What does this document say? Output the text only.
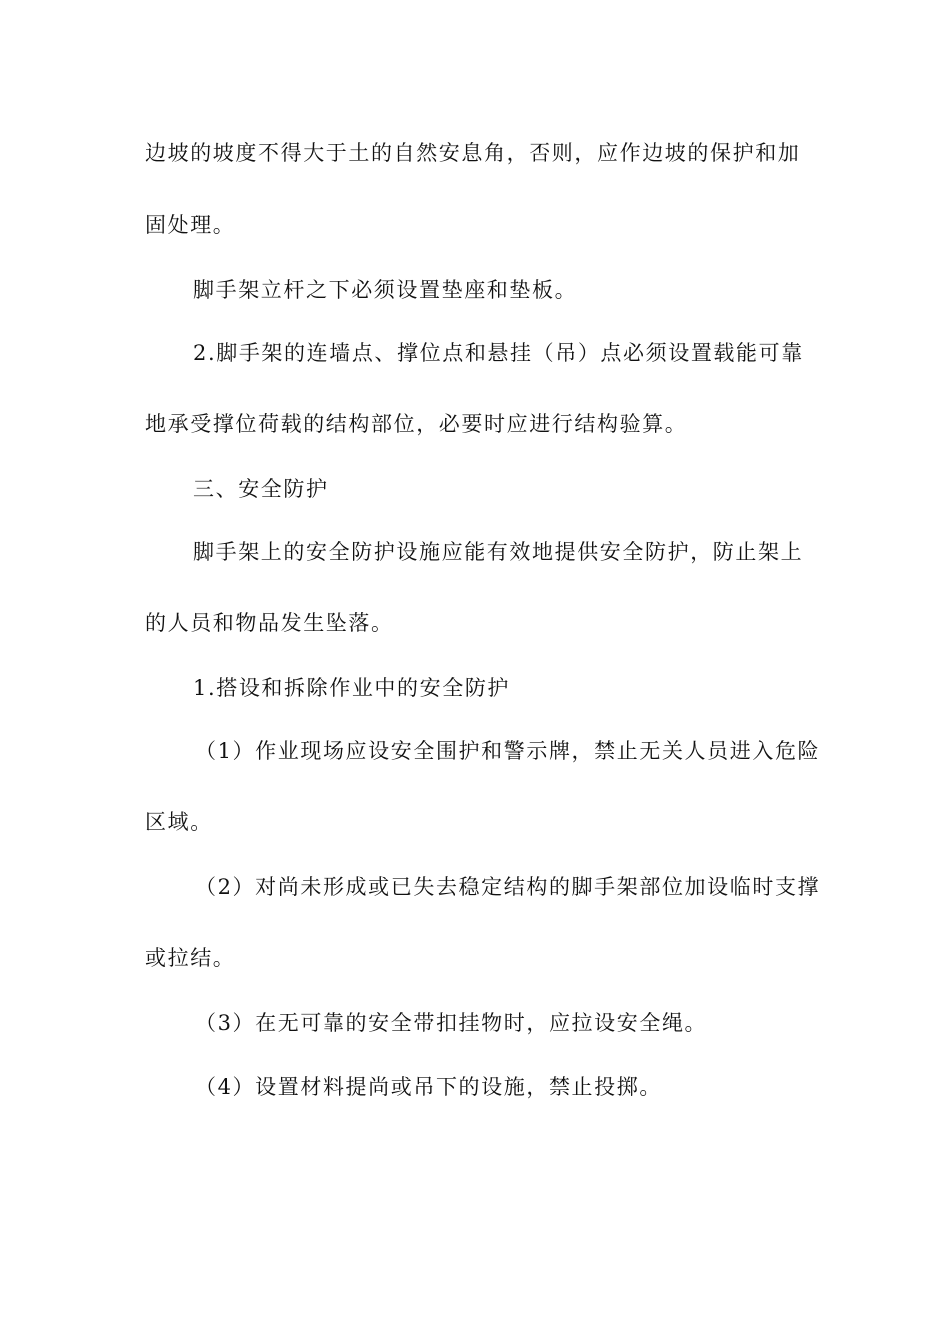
边坡的坡度不得大于土的自然安息角，否则，应作边坡的保护和加
固处理。
脚手架立杆之下必须设置垫座和垫板。
2.脚手架的连墙点、撑位点和悬挂（吊）点必须设置载能可靠
地承受撑位荷载的结构部位，必要时应进行结构验算。
三、安全防护
脚手架上的安全防护设施应能有效地提供安全防护，防止架上
的人员和物品发生坠落。
1.搭设和拆除作业中的安全防护
（1）作业现场应设安全围护和警示牌，禁止无关人员进入危险
区域。
（2）对尚未形成或已失去稳定结构的脚手架部位加设临时支撑
或拉结。
（3）在无可靠的安全带扣挂物时，应拉设安全绳。
（4）设置材料提尚或吊下的设施，禁止投掷。
